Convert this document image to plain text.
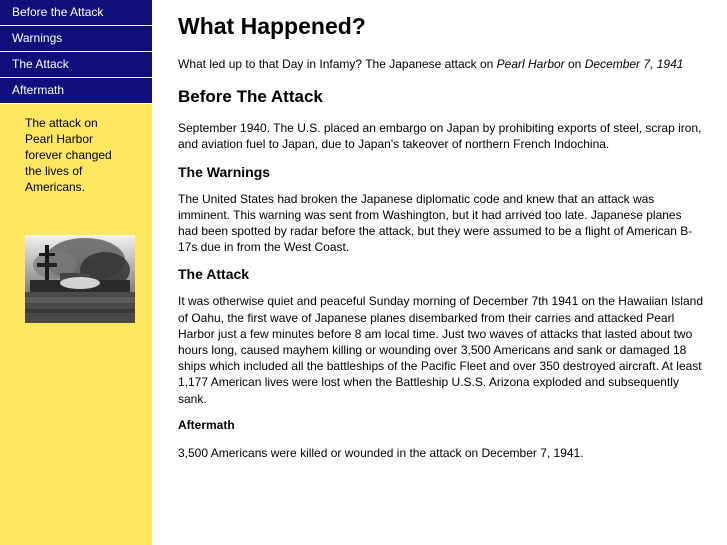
Before the Attack
Warnings
The Attack
Aftermath
The attack on Pearl Harbor forever changed the lives of Americans.
What Happened?

What led up to that Day in Infamy? The Japanese attack on Pearl Harbor on December 7, 1941

Before The Attack

September 1940. The U.S. placed an embargo on Japan by prohibiting exports of steel, scrap iron, and aviation fuel to Japan, due to Japan's takeover of northern French Indochina.

The Warnings

The United States had broken the Japanese diplomatic code and knew that an attack was imminent. This warning was sent from Washington, but it had arrived too late. Japanese planes had been spotted by radar before the attack, but they were assumed to be a flight of American B-17s due in from the West Coast.

The Attack

It was otherwise quiet and peaceful Sunday morning of December 7th 1941 on the Hawaiian Island of Oahu, the first wave of Japanese planes disembarked from their carries and attacked Pearl Harbor just a few minutes before 8 am local time. Just two waves of attacks that lasted about two hours long, caused mayhem killing or wounding over 3,500 Americans and sank or damaged 18 ships which included all the battleships of the Pacific Fleet and over 350 destroyed aircraft. At least 1,177 American lives were lost when the Battleship U.S.S. Arizona exploded and subsequently sank.

Aftermath

3,500 Americans were killed or wounded in the attack on December 7, 1941.
